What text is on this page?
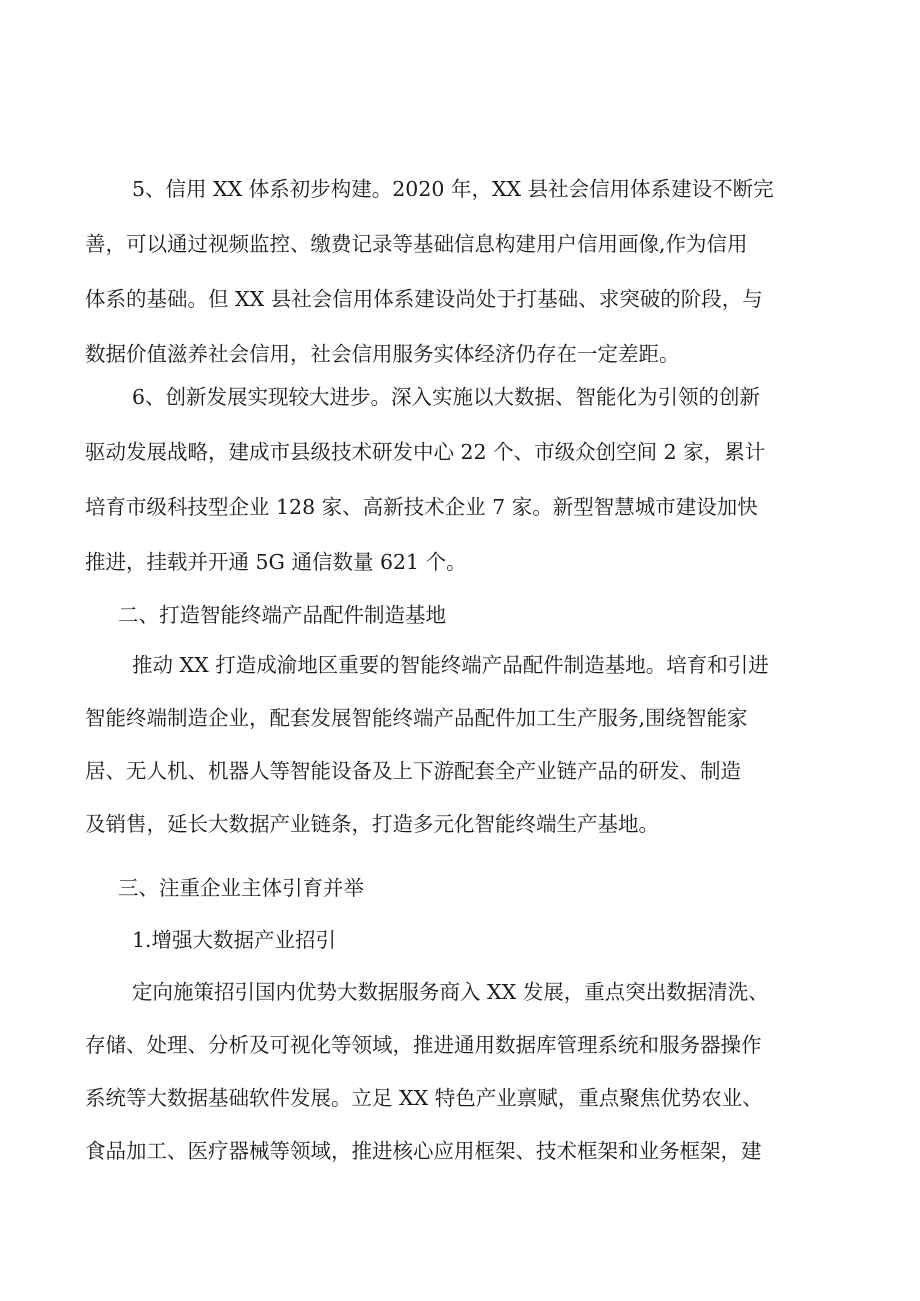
5、信用 XX 体系初步构建。2020 年，XX 县社会信用体系建设不断完
善，可以通过视频监控、缴费记录等基础信息构建用户信用画像,作为信用
体系的基础。但 XX 县社会信用体系建设尚处于打基础、求突破的阶段，与
数据价值滋养社会信用，社会信用服务实体经济仍存在一定差距。
6、创新发展实现较大进步。深入实施以大数据、智能化为引领的创新
驱动发展战略，建成市县级技术研发中心 22 个、市级众创空间 2 家，累计
培育市级科技型企业 128 家、高新技术企业 7 家。新型智慧城市建设加快
推进，挂载并开通 5G 通信数量 621 个。
二、打造智能终端产品配件制造基地
推动 XX 打造成渝地区重要的智能终端产品配件制造基地。培育和引进
智能终端制造企业，配套发展智能终端产品配件加工生产服务,围绕智能家
居、无人机、机器人等智能设备及上下游配套全产业链产品的研发、制造
及销售，延长大数据产业链条，打造多元化智能终端生产基地。
三、注重企业主体引育并举
1.增强大数据产业招引
定向施策招引国内优势大数据服务商入 XX 发展，重点突出数据清洗、
存储、处理、分析及可视化等领域，推进通用数据库管理系统和服务器操作
系统等大数据基础软件发展。立足 XX 特色产业禀赋，重点聚焦优势农业、
食品加工、医疗器械等领域，推进核心应用框架、技术框架和业务框架，建
